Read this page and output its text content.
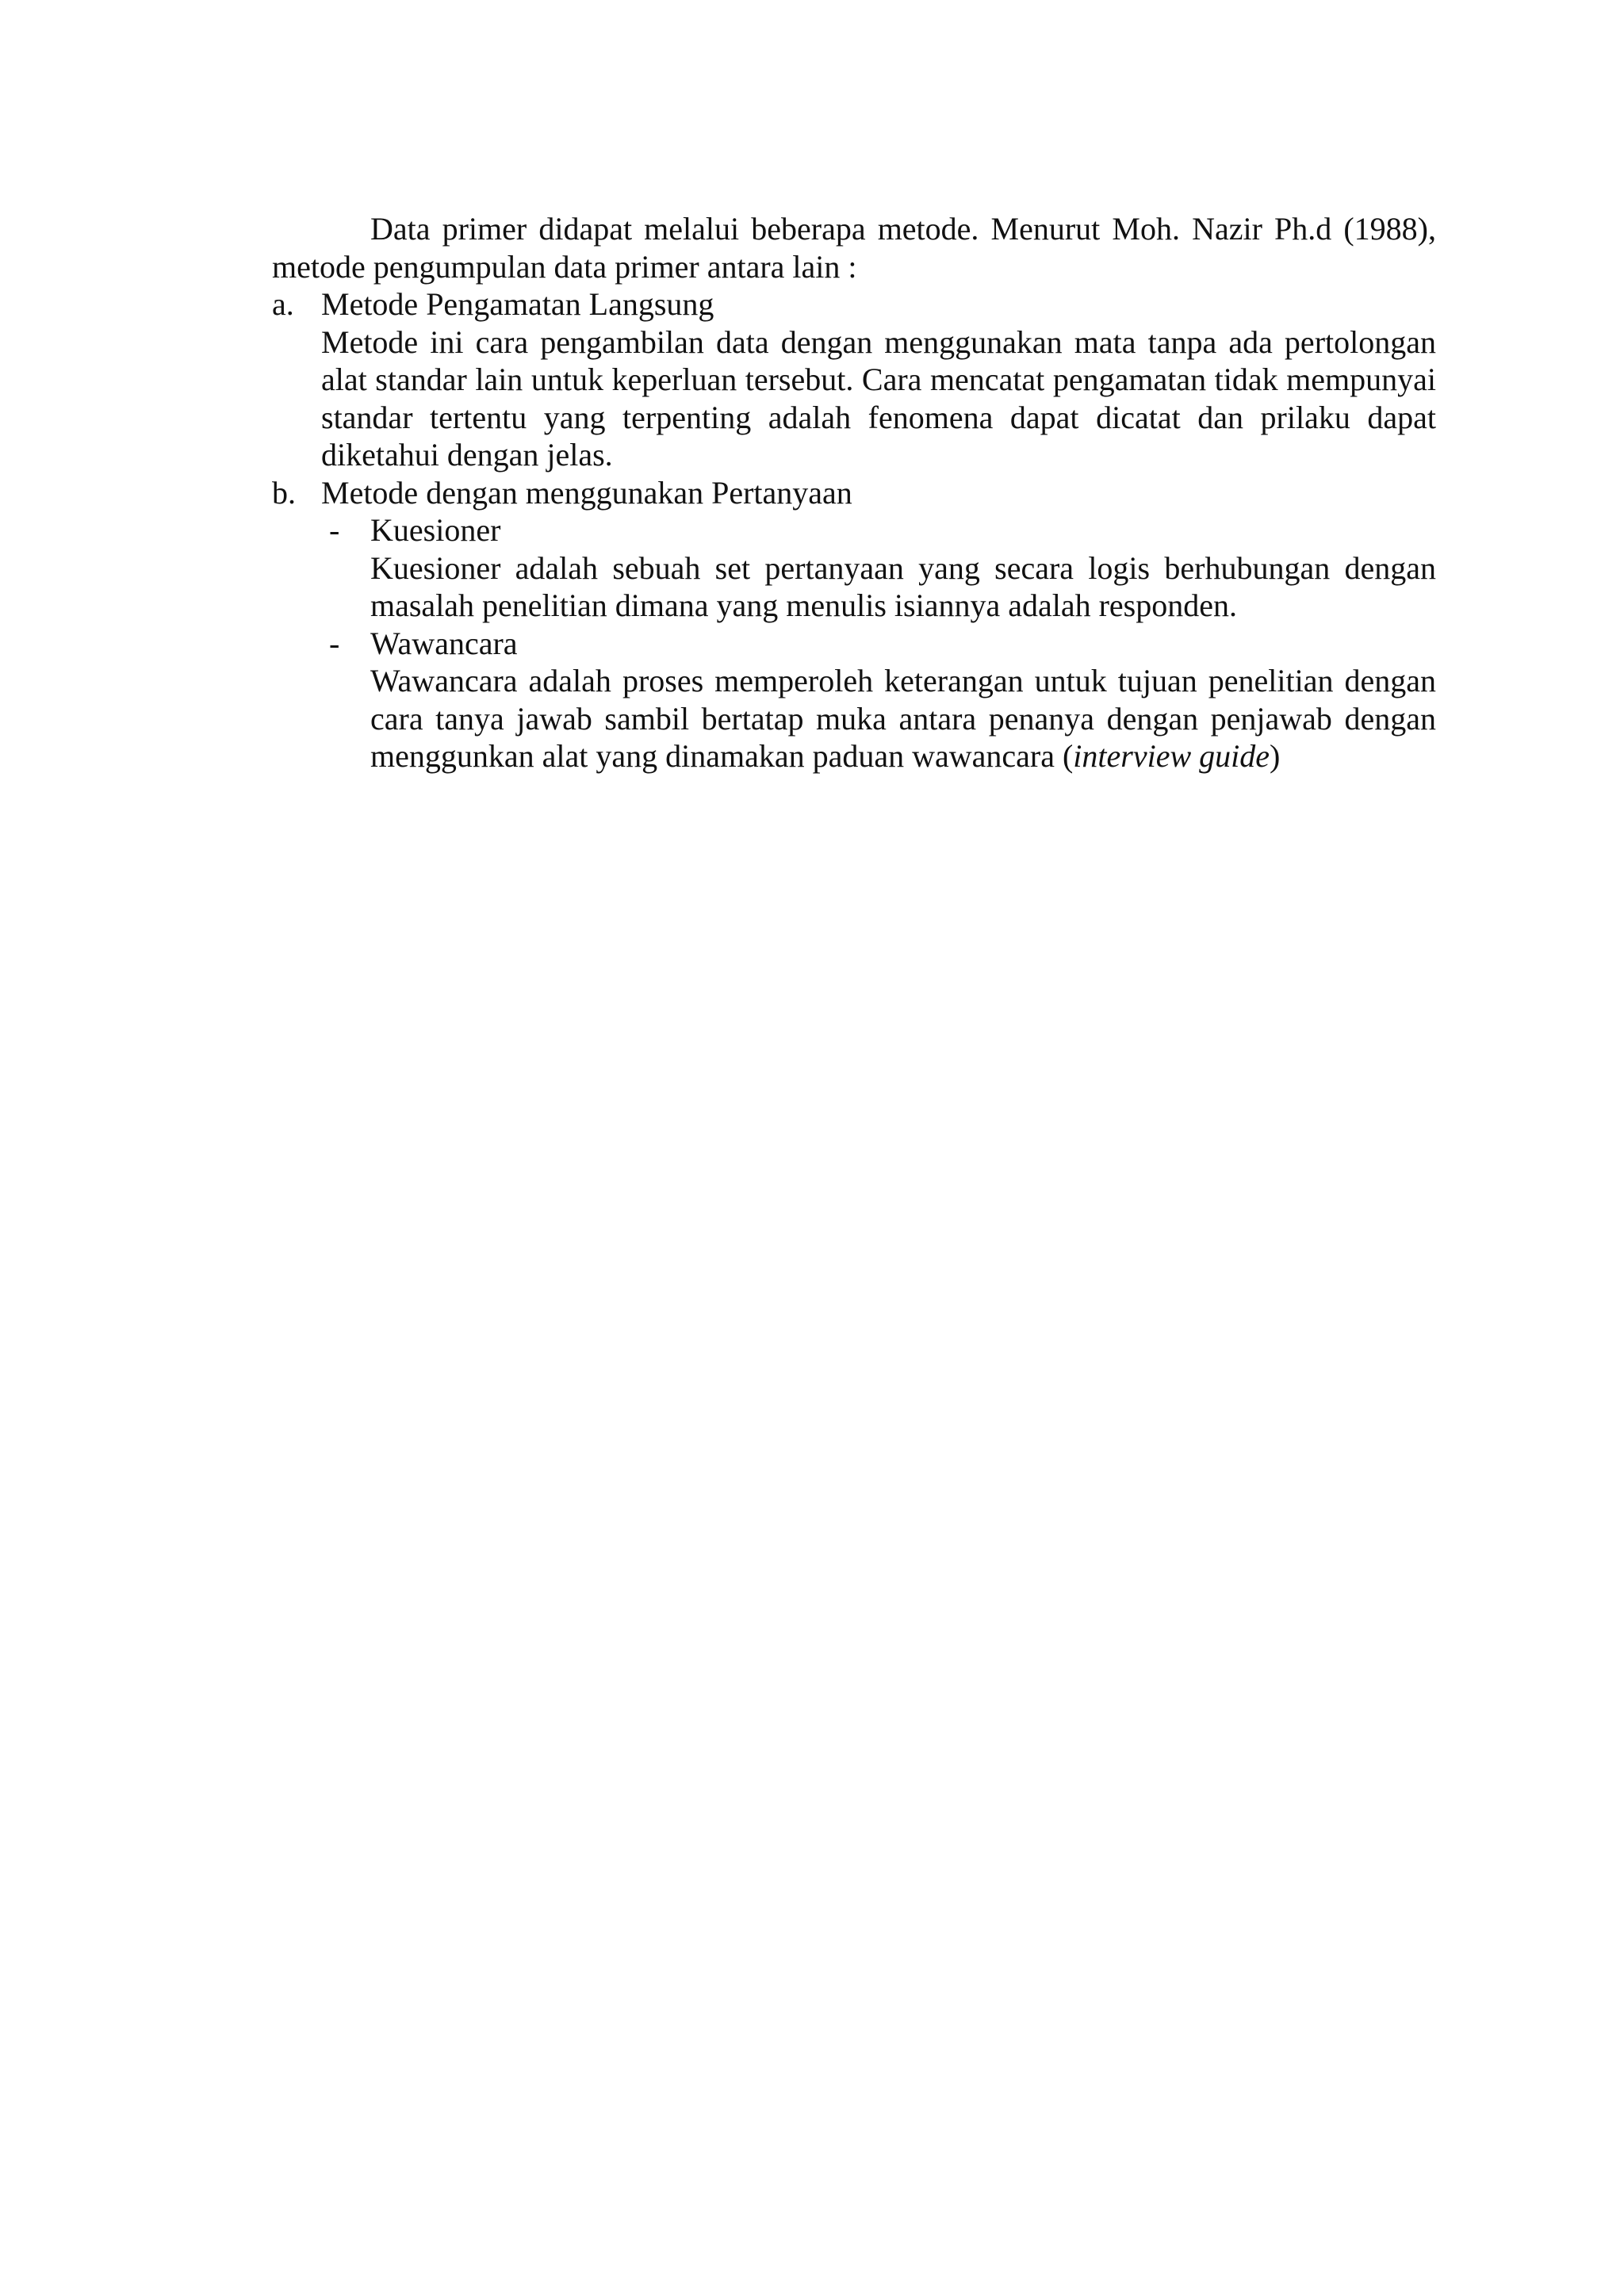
Data primer didapat melalui beberapa metode. Menurut Moh. Nazir Ph.d (1988), metode pengumpulan data primer antara lain :

a. Metode Pengamatan Langsung

Metode ini cara pengambilan data dengan menggunakan mata tanpa ada pertolongan alat standar lain untuk keperluan tersebut. Cara mencatat pengamatan tidak mempunyai standar tertentu yang terpenting adalah fenomena dapat dicatat dan prilaku dapat diketahui dengan jelas.

b. Metode dengan menggunakan Pertanyaan

- Kuesioner

Kuesioner adalah sebuah set pertanyaan yang secara logis berhubungan dengan masalah penelitian dimana yang menulis isiannya adalah responden.

- Wawancara

Wawancara adalah proses memperoleh keterangan untuk tujuan penelitian dengan cara tanya jawab sambil bertatap muka antara penanya dengan penjawab dengan menggunkan alat yang dinamakan paduan wawancara (interview guide)
